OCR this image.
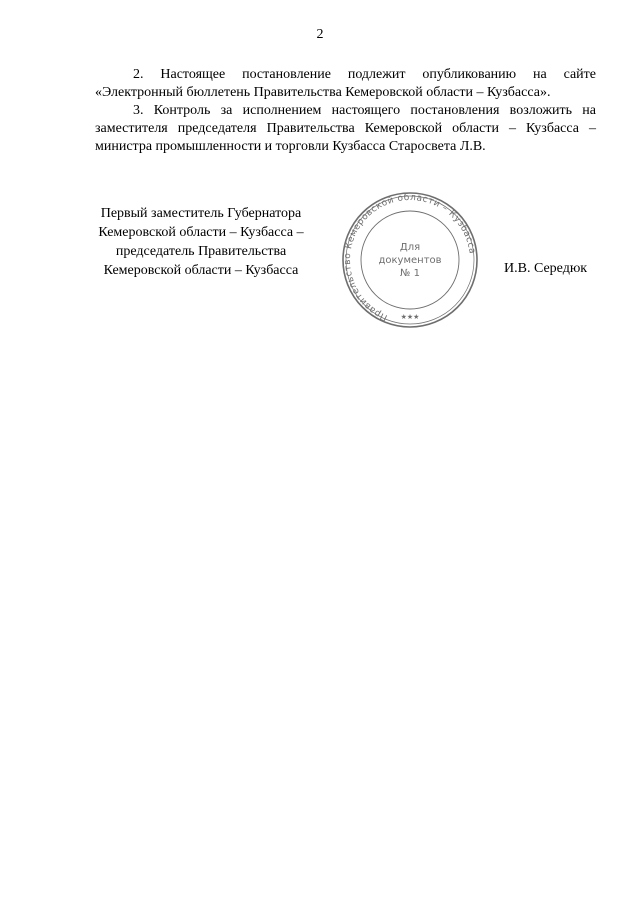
2

2. Настоящее постановление подлежит опубликованию на сайте «Электронный бюллетень Правительства Кемеровской области – Кузбасса».

3. Контроль за исполнением настоящего постановления возложить на заместителя председателя Правительства Кемеровской области – Кузбасса – министра промышленности и торговли Кузбасса Старосвета Л.В.

Первый заместитель Губернатора
Кемеровской области – Кузбасса –
председатель Правительства
Кемеровской области – Кузбасса
Правительство Кемеровской области – Кузбасса
Для
документов
№ 1
★★★
И.В. Середюк
